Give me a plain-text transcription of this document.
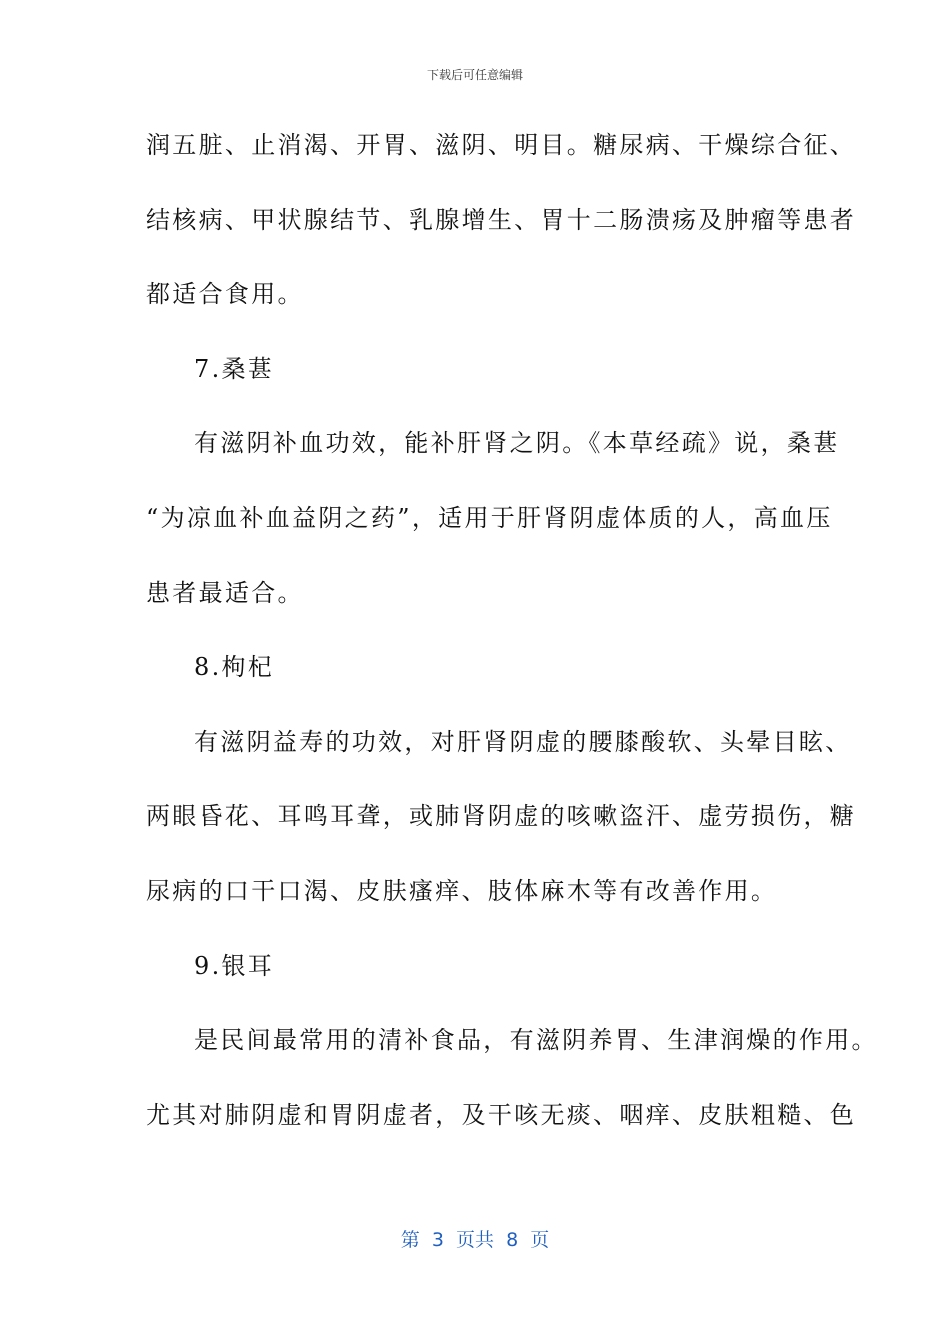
下载后可任意编辑
润五脏、止消渴、开胃、滋阴、明目。糖尿病、干燥综合征、
结核病、甲状腺结节、乳腺增生、胃十二肠溃疡及肿瘤等患者
都适合食用。
7.桑葚
有滋阴补血功效，能补肝肾之阴。《本草经疏》说，桑葚
“为凉血补血益阴之药”，适用于肝肾阴虚体质的人，高血压
患者最适合。
8.枸杞
有滋阴益寿的功效，对肝肾阴虚的腰膝酸软、头晕目眩、
两眼昏花、耳鸣耳聋，或肺肾阴虚的咳嗽盗汗、虚劳损伤，糖
尿病的口干口渴、皮肤瘙痒、肢体麻木等有改善作用。
9.银耳
是民间最常用的清补食品，有滋阴养胃、生津润燥的作用。
尤其对肺阴虚和胃阴虚者，及干咳无痰、咽痒、皮肤粗糙、色
第  3  页共  8  页
